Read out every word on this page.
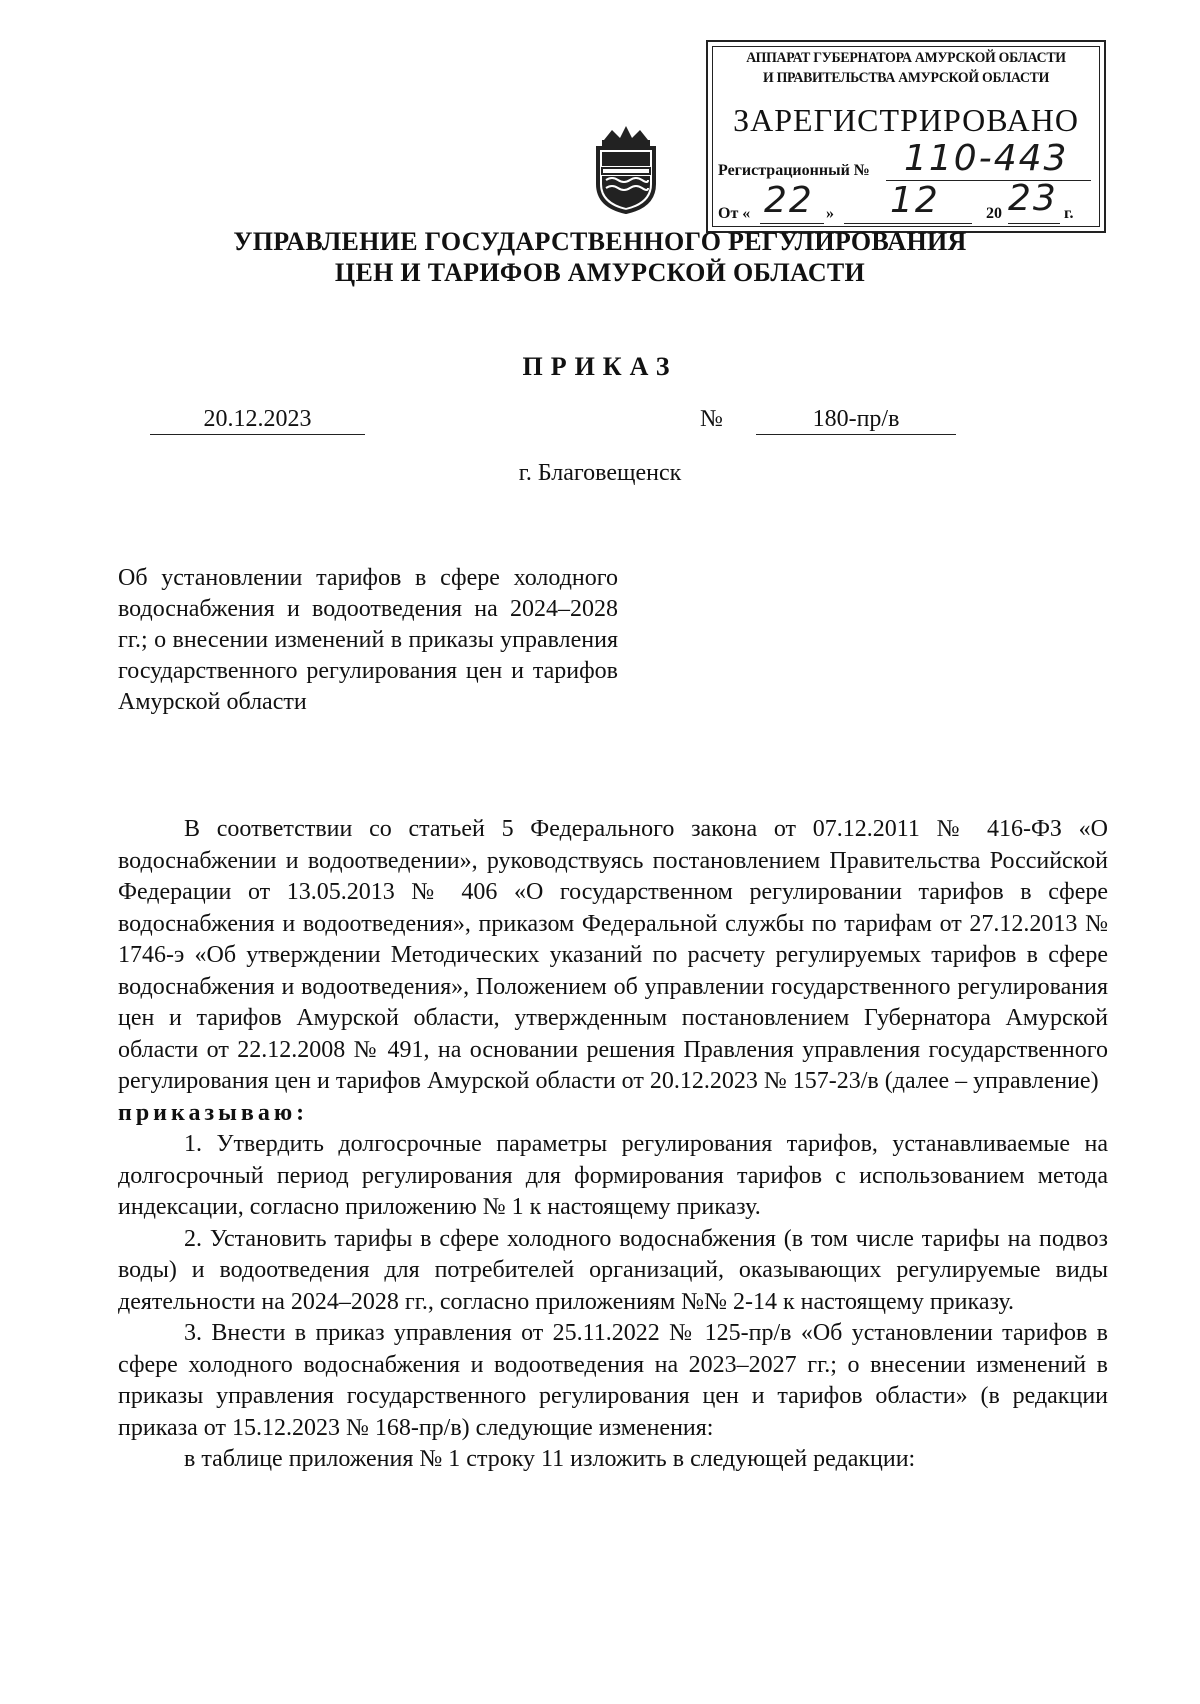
АППАРАТ ГУБЕРНАТОРА АМУРСКОЙ ОБЛАСТИ
И ПРАВИТЕЛЬСТВА АМУРСКОЙ ОБЛАСТИ
ЗАРЕГИСТРИРОВАНО
Регистрационный № 110-443
От « 22 » 12	20 23 г.
УПРАВЛЕНИЕ ГОСУДАРСТВЕННОГО РЕГУЛИРОВАНИЯ
ЦЕН И ТАРИФОВ АМУРСКОЙ ОБЛАСТИ
ПРИКАЗ
20.12.2023	№	180-пр/в
г. Благовещенск
Об установлении тарифов в сфере холодного водоснабжения и водоотведения на 2024–2028 гг.; о внесении изменений в приказы управления государственного регулирования цен и тарифов Амурской области

В соответствии со статьей 5 Федерального закона от 07.12.2011 № 416-ФЗ «О водоснабжении и водоотведении», руководствуясь постановлением Правительства Российской Федерации от 13.05.2013 № 406 «О государственном регулировании тарифов в сфере водоснабжения и водоотведения», приказом Федеральной службы по тарифам от 27.12.2013 № 1746-э «Об утверждении Методических указаний по расчету регулируемых тарифов в сфере водоснабжения и водоотведения», Положением об управлении государственного регулирования цен и тарифов Амурской области, утвержденным постановлением Губернатора Амурской области от 22.12.2008 № 491, на основании решения Правления управления государственного регулирования цен и тарифов Амурской области от 20.12.2023 № 157-23/в (далее – управление)

приказываю:

1. Утвердить долгосрочные параметры регулирования тарифов, устанавливаемые на долгосрочный период регулирования для формирования тарифов с использованием метода индексации, согласно приложению № 1 к настоящему приказу.

2. Установить тарифы в сфере холодного водоснабжения (в том числе тарифы на подвоз воды) и водоотведения для потребителей организаций, оказывающих регулируемые виды деятельности на 2024–2028 гг., согласно приложениям №№ 2-14 к настоящему приказу.

3. Внести в приказ управления от 25.11.2022 № 125-пр/в «Об установлении тарифов в сфере холодного водоснабжения и водоотведения на 2023–2027 гг.; о внесении изменений в приказы управления государственного регулирования цен и тарифов области» (в редакции приказа от 15.12.2023 № 168-пр/в) следующие изменения:

в таблице приложения № 1 строку 11 изложить в следующей редакции:
